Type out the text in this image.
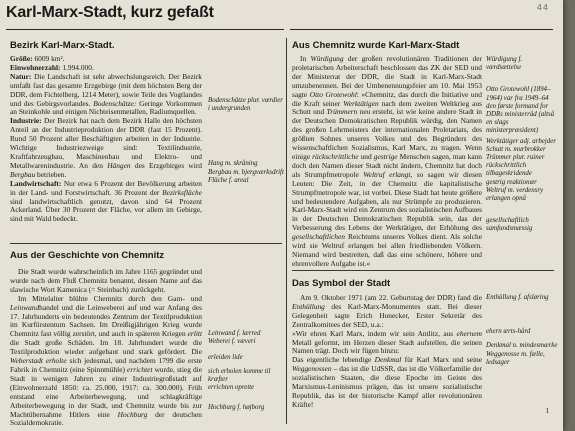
44
Karl-Marx-Stadt, kurz gefaßt
Bezirk Karl-Marx-Stadt.

Größe: 6009 km².

Einwohnerzahl: 1.994.000.

Natur: Die Landschaft ist sehr abwechslungsreich. Der Bezirk umfaßt fast das gesamte Erzgebirge (mit dem höchsten Berg der DDR, dem Fichtelberg, 1214 Meter), sowie Teile des Vogtlandes und des Gebirgsvorlandes. Bodenschätze: Geringe Vorkommen an Steinkohle und einigen Nichteisenmetallen, Radiumquellen.

Industrie: Der Bezirk hat nach dem Bezirk Halle den höchsten Anteil an der Industrieproduktion der DDR (fast 15 Prozent). Rund 50 Prozent aller Beschäftigten arbeiten in der Industrie. Wichtige Industriezweige sind: Textilindustrie, Kraftfahrzeugbau, Maschinenbau und Elektro- und Metallwarenindustrie. An den Hängen des Erzgebirges wird Bergbau betrieben.

Landwirtschaft: Nur etwa 6 Prozent der Bevölkerung arbeiten in der Land- und Forstwirtschaft. 36 Prozent der Bezirksfläche sind landwirtschaftlich genutzt, davon sind 64 Prozent Ackerland. Über 30 Prozent der Fläche, vor allem im Gebirge, sind mit Wald bedeckt.

Bodenschätze plur. værdier i undergrunden
Hang m. skråning
Bergbau m. bjergværksdrift
Fläche f. areal
Aus der Geschichte von Chemnitz

Die Stadt wurde wahrscheinlich im Jahre 1165 gegründet und wurde nach dem Fluß Chemnitz benannt, dessen Name auf das slawische Wort Kamenica (= Steinbach) zurückgeht.

Im Mittelalter blühte Chemnitz durch den Garn- und Leinwandhandel und die Leinweberei auf und war Anfang des 17. Jahrhunderts ein bedeutendes Zentrum der Textilproduktion im Kurfürstentum Sachsen. Im Dreißigjährigen Krieg wurde Chemnitz fast völlig zerstört, und auch in späteren Kriegen erlitt die Stadt große Schäden. Im 18. Jahrhundert wurde die Textilproduktion wieder aufgebaut und stark gefördert. Die Weberstadt erholte sich jedesmal, und nachdem 1799 die erste Fabrik in Chemnitz (eine Spinnmühle) errichtet wurde, stieg die Stadt in wenigen Jahren zu einer Industriegroßstadt auf (Einwohnerzahl 1850: ca. 25.000, 1917: ca. 300.000). Früh entstand eine Arbeiterbewegung, und schlagkräftige Arbeiterbewegung in der Stadt, und Chemnitz wurde bis zur Machtübernahme Hitlers eine Hochburg der deutschen Sozialdemokratie.

Leinwand f. lærred
Weberei f. væveri
erleiden lide
sich erholen komme til kræfter
errichten oprette
Hochburg f. højborg
Aus Chemnitz wurde Karl-Marx-Stadt

In Würdigung der großen revolutionären Traditionen der proletarischen Arbeiterschaft beschlossen das ZK der SED und der Ministerrat der DDR, die Stadt in Karl-Marx-Stadt umzubenennen. Bei der Umbenennungsfeier am 10. Mai 1953 sagte Otto Grotewohl: »Chemnitz, das durch die Initiative und die Kraft seiner Werktätigen nach dem zweiten Weltkrieg aus Schutt und Trümmern neu ersteht, ist wie keine andere Stadt in der Deutschen Demokratischen Republik würdig, den Namen des großen Lehrmeisters der internationalen Proletariats, des größten Sohnes unseres Volkes und des Begründers des wissenschaftlichen Sozialismus, Karl Marx, zu tragen. Wenn einige rückschrittliche und gestrige Menschen sagen, man kann doch den Namen dieser Stadt nicht ändern, Chemnitz hat doch als Strumpfmetropole Weltruf erlangt, so sagen wir diesen Leuten: Die Zeit, in der Chemnitz die kapitalistische Strumpfmetropole war, ist vorbei. Diese Stadt hat heute größere und bedeutendere Aufgaben, als nur Strümpfe zu produzieren. Karl-Marx-Stadt wird ein Zentrum des sozialistischen Aufbaues in der Deutschen Demokratischen Republik sein, das der Verbesserung des Lebens der Werktätigen, der Erhöhung des gesellschaftlichen Reichtums unseres Volkes dient. Als solche wird sie Weltruf erlangen bei allen friedliebenden Völkern. Niemand wird bestreiten, daß das eine schönere, höhere und ehrenvollere Aufgabe ist.«

Würdigung f. værdsættelse
Otto Grotewohl (1894–1964) var fra 1949–64 den første formand for DDRs ministerråd (altså en slags ministerpræsident)
Werktätiger adj. arbejder
Schutt m. murbrokker
Trümmer plur. ruiner
rückschrittlich tilbageskridende
gestrig reaktionær
Weltruf m. verdensry
erlangen opnå
gesellschaftlich samfundsmæssig
Das Symbol der Stadt

Am 9. Oktober 1971 (am 22. Geburtstag der DDR) fand die Enthüllung des Karl-Marx-Monumentes statt. Bei dieser Gelegenheit sagte Erich Honecker, Erster Sekretär des Zentralkomitees der SED, u.a.:

»Wir ehren Karl Marx, indem wir sein Antlitz, aus ehernem Metall geformt, im Herzen dieser Stadt aufstellen, die seinen Namen trägt. Doch wir fügen hinzu:

Das eigentliche lebendige Denkmal für Karl Marx und seine Weggenossen – das ist die UdSSR, das ist die Völkerfamilie der sozialistischen Staaten, die diese Epoche im Geiste des Marxismus-Leninismus prägen, das ist unsere sozialistische Republik, das ist der historische Kampf aller revolutionären Kräfte!

Enthüllung f. afsløring
ehern ærts-hård
Denkmal n. mindesmærke
Weggenosse m. fælle, ledsager
1
